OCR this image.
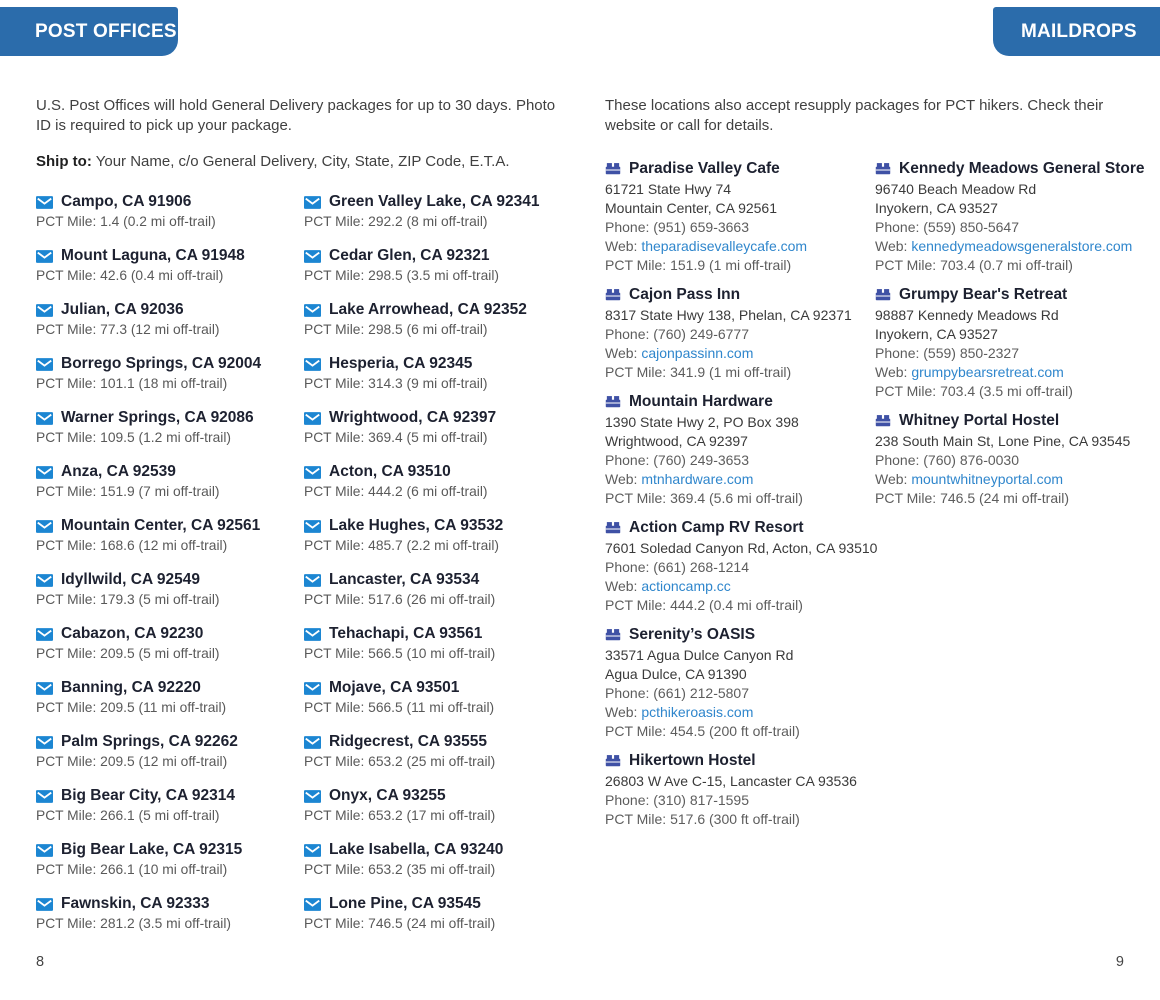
POST OFFICES	MAILDROPS

U.S. Post Offices will hold General Delivery packages for up to 30 days. Photo ID is required to pick up your package.

Ship to: Your Name, c/o General Delivery, City, State, ZIP Code, E.T.A.

Campo, CA 91906
PCT Mile: 1.4 (0.2 mi off-trail)
Mount Laguna, CA 91948
PCT Mile: 42.6 (0.4 mi off-trail)
Julian, CA 92036
PCT Mile: 77.3 (12 mi off-trail)
Borrego Springs, CA 92004
PCT Mile: 101.1 (18 mi off-trail)
Warner Springs, CA 92086
PCT Mile: 109.5 (1.2 mi off-trail)
Anza, CA 92539
PCT Mile: 151.9 (7 mi off-trail)
Mountain Center, CA 92561
PCT Mile: 168.6 (12 mi off-trail)
Idyllwild, CA 92549
PCT Mile: 179.3 (5 mi off-trail)
Cabazon, CA 92230
PCT Mile: 209.5 (5 mi off-trail)
Banning, CA 92220
PCT Mile: 209.5 (11 mi off-trail)
Palm Springs, CA 92262
PCT Mile: 209.5 (12 mi off-trail)
Big Bear City, CA 92314
PCT Mile: 266.1 (5 mi off-trail)
Big Bear Lake, CA 92315
PCT Mile: 266.1 (10 mi off-trail)
Fawnskin, CA 92333
PCT Mile: 281.2 (3.5 mi off-trail)
Green Valley Lake, CA 92341
PCT Mile: 292.2 (8 mi off-trail)
Cedar Glen, CA 92321
PCT Mile: 298.5 (3.5 mi off-trail)
Lake Arrowhead, CA 92352
PCT Mile: 298.5 (6 mi off-trail)
Hesperia, CA 92345
PCT Mile: 314.3 (9 mi off-trail)
Wrightwood, CA 92397
PCT Mile: 369.4 (5 mi off-trail)
Acton, CA 93510
PCT Mile: 444.2 (6 mi off-trail)
Lake Hughes, CA 93532
PCT Mile: 485.7 (2.2 mi off-trail)
Lancaster, CA 93534
PCT Mile: 517.6 (26 mi off-trail)
Tehachapi, CA 93561
PCT Mile: 566.5 (10 mi off-trail)
Mojave, CA 93501
PCT Mile: 566.5 (11 mi off-trail)
Ridgecrest, CA 93555
PCT Mile: 653.2 (25 mi off-trail)
Onyx, CA 93255
PCT Mile: 653.2 (17 mi off-trail)
Lake Isabella, CA 93240
PCT Mile: 653.2 (35 mi off-trail)
Lone Pine, CA 93545
PCT Mile: 746.5 (24 mi off-trail)

These locations also accept resupply packages for PCT hikers. Check their website or call for details.

Paradise Valley Cafe
61721 State Hwy 74
Mountain Center, CA 92561
Phone: (951) 659-3663
Web: theparadisevalleycafe.com
PCT Mile: 151.9 (1 mi off-trail)
Cajon Pass Inn
8317 State Hwy 138, Phelan, CA 92371
Phone: (760) 249-6777
Web: cajonpassinn.com
PCT Mile: 341.9 (1 mi off-trail)
Mountain Hardware
1390 State Hwy 2, PO Box 398
Wrightwood, CA 92397
Phone: (760) 249-3653
Web: mtnhardware.com
PCT Mile: 369.4 (5.6 mi off-trail)
Action Camp RV Resort
7601 Soledad Canyon Rd, Acton, CA 93510
Phone: (661) 268-1214
Web: actioncamp.cc
PCT Mile: 444.2 (0.4 mi off-trail)
Serenity’s OASIS
33571 Agua Dulce Canyon Rd
Agua Dulce, CA 91390
Phone: (661) 212-5807
Web: pcthikeroasis.com
PCT Mile: 454.5 (200 ft off-trail)
Hikertown Hostel
26803 W Ave C-15, Lancaster CA 93536
Phone: (310) 817-1595
PCT Mile: 517.6 (300 ft off-trail)
Kennedy Meadows General Store
96740 Beach Meadow Rd
Inyokern, CA 93527
Phone: (559) 850-5647
Web: kennedymeadowsgeneralstore.com
PCT Mile: 703.4 (0.7 mi off-trail)
Grumpy Bear's Retreat
98887 Kennedy Meadows Rd
Inyokern, CA 93527
Phone: (559) 850-2327
Web: grumpybearsretreat.com
PCT Mile: 703.4 (3.5 mi off-trail)
Whitney Portal Hostel
238 South Main St, Lone Pine, CA 93545
Phone: (760) 876-0030
Web: mountwhitneyportal.com
PCT Mile: 746.5 (24 mi off-trail)
8	9
